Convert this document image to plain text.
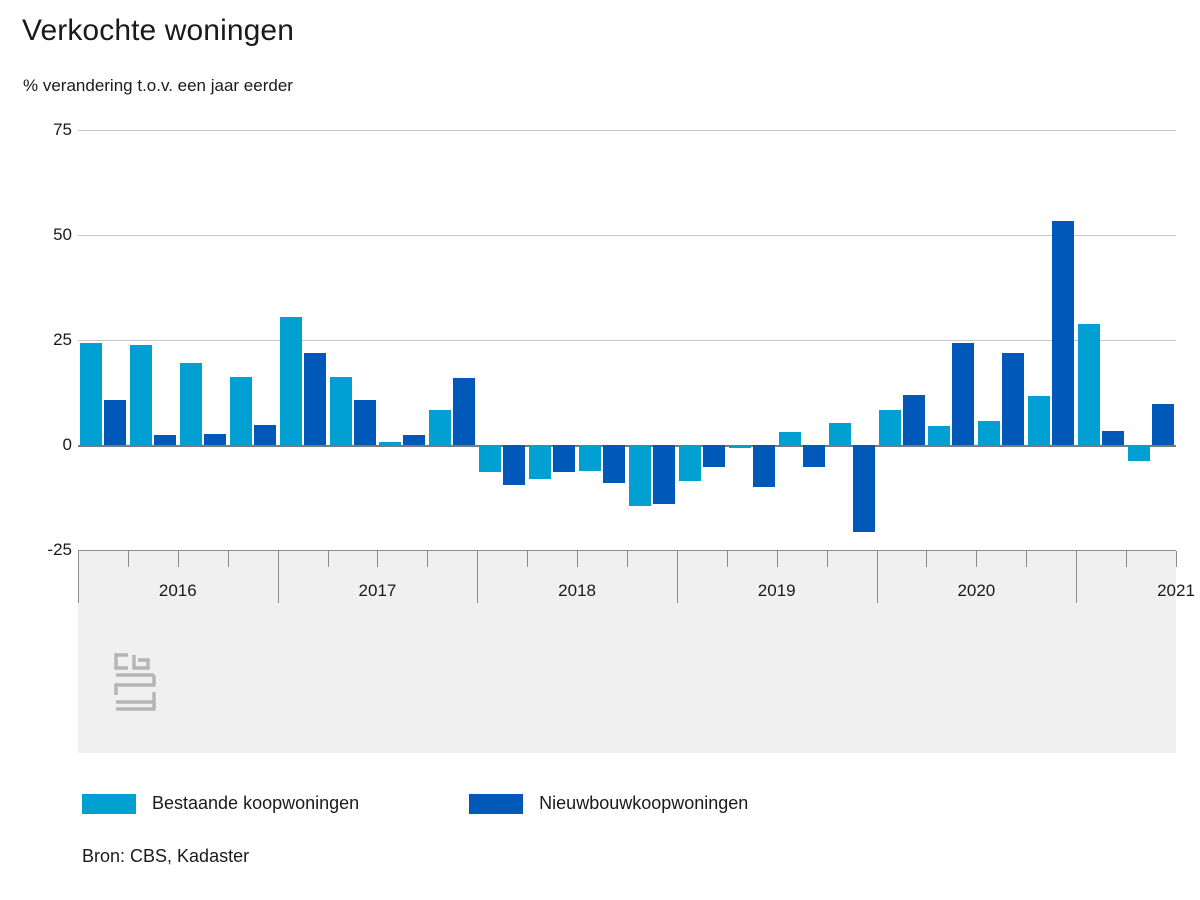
Verkochte woningen
% verandering t.o.v. een jaar eerder
75
50
25
0
-25
2016	2017	2018	2019	2020	2021
Bestaande koopwoningen	Nieuwbouwkoopwoningen
Bron: CBS, Kadaster
